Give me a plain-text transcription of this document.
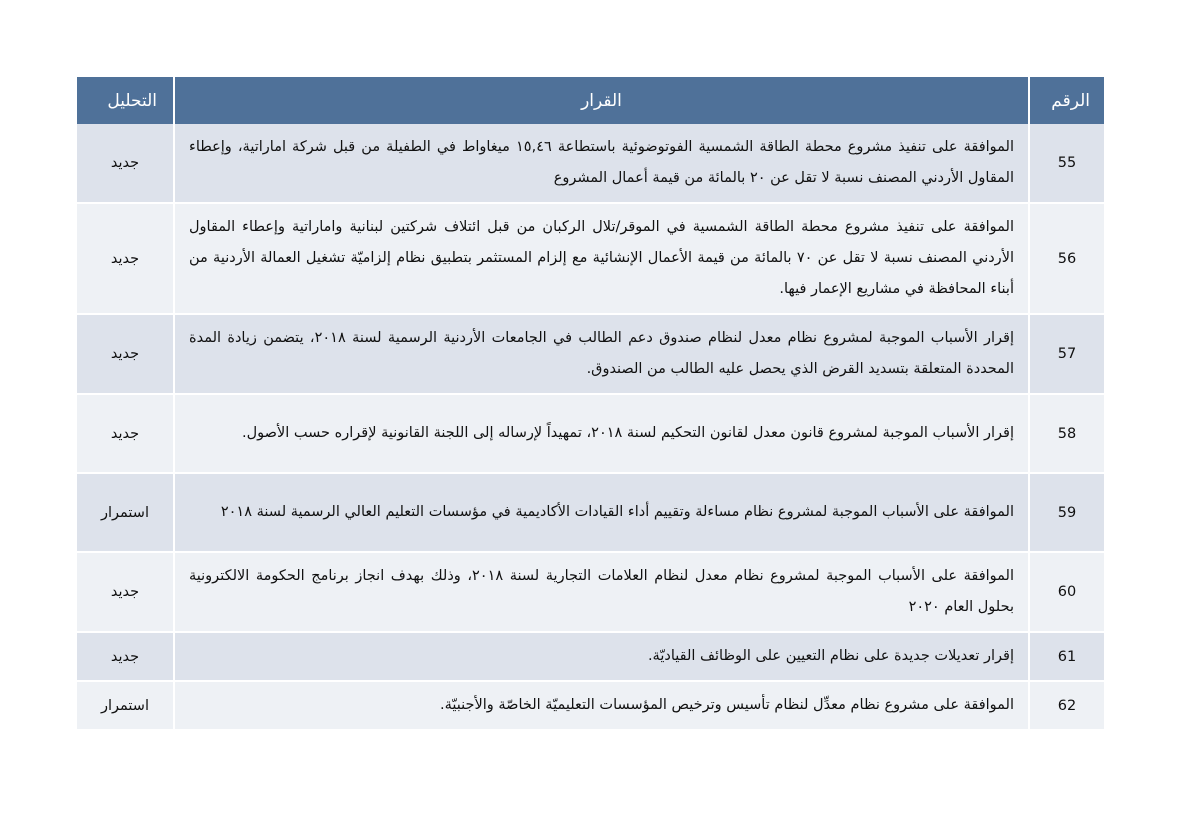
الرقم	القرار	التحليل
55	الموافقة على تنفيذ مشروع محطة الطاقة الشمسية الفوتوضوئية باستطاعة ١٥,٤٦ ميغاواط في الطفيلة من قبل شركة اماراتية، وإعطاء المقاول الأردني المصنف نسبة لا تقل عن ٢٠ بالمائة من قيمة أعمال المشروع	جديد
56	الموافقة على تنفيذ مشروع محطة الطاقة الشمسية في الموقر/تلال الركبان من قبل ائتلاف شركتين لبنانية واماراتية وإعطاء المقاول الأردني المصنف نسبة لا تقل عن ٧٠ بالمائة من قيمة الأعمال الإنشائية مع إلزام المستثمر بتطبيق نظام إلزاميّة تشغيل العمالة الأردنية من أبناء المحافظة في مشاريع الإعمار فيها.	جديد
57	إقرار الأسباب الموجبة لمشروع نظام معدل لنظام صندوق دعم الطالب في الجامعات الأردنية الرسمية لسنة ٢٠١٨، يتضمن زيادة المدة المحددة المتعلقة بتسديد القرض الذي يحصل عليه الطالب من الصندوق.	جديد
58	إقرار الأسباب الموجبة لمشروع قانون معدل لقانون التحكيم لسنة ٢٠١٨، تمهيداً لإرساله إلى اللجنة القانونية لإقراره حسب الأصول.	جديد
59	الموافقة على الأسباب الموجبة لمشروع نظام مساءلة وتقييم أداء القيادات الأكاديمية في مؤسسات التعليم العالي الرسمية لسنة ٢٠١٨	استمرار
60	الموافقة على الأسباب الموجبة لمشروع نظام معدل لنظام العلامات التجارية لسنة ٢٠١٨، وذلك بهدف انجاز برنامج الحكومة الالكترونية بحلول العام ٢٠٢٠	جديد
61	إقرار تعديلات جديدة على نظام التعيين على الوظائف القياديّة.	جديد
62	الموافقة على مشروع نظام معدِّل لنظام تأسيس وترخيص المؤسسات التعليميّة الخاصّة والأجنبيّة.	استمرار
